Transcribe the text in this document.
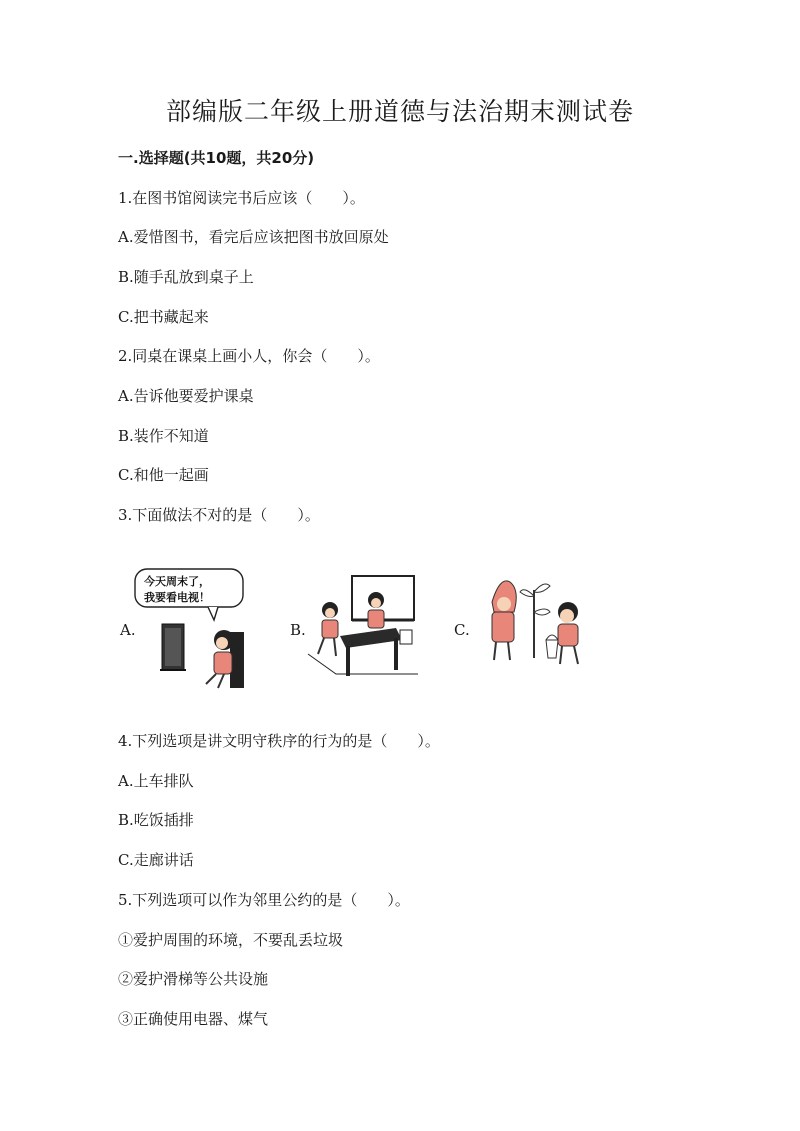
部编版二年级上册道德与法治期末测试卷
一.选择题(共10题，共20分)
1.在图书馆阅读完书后应该（　　）。
A.爱惜图书，看完后应该把图书放回原处
B.随手乱放到桌子上
C.把书藏起来
2.同桌在课桌上画小人，你会（　　）。
A.告诉他要爱护课桌
B.装作不知道
C.和他一起画
3.下面做法不对的是（　　）。
A.
今天周末了，
我要看电视！
B.	C.
4.下列选项是讲文明守秩序的行为的是（　　）。
A.上车排队
B.吃饭插排
C.走廊讲话
5.下列选项可以作为邻里公约的是（　　）。
①爱护周围的环境，不要乱丢垃圾
②爱护滑梯等公共设施
③正确使用电器、煤气
